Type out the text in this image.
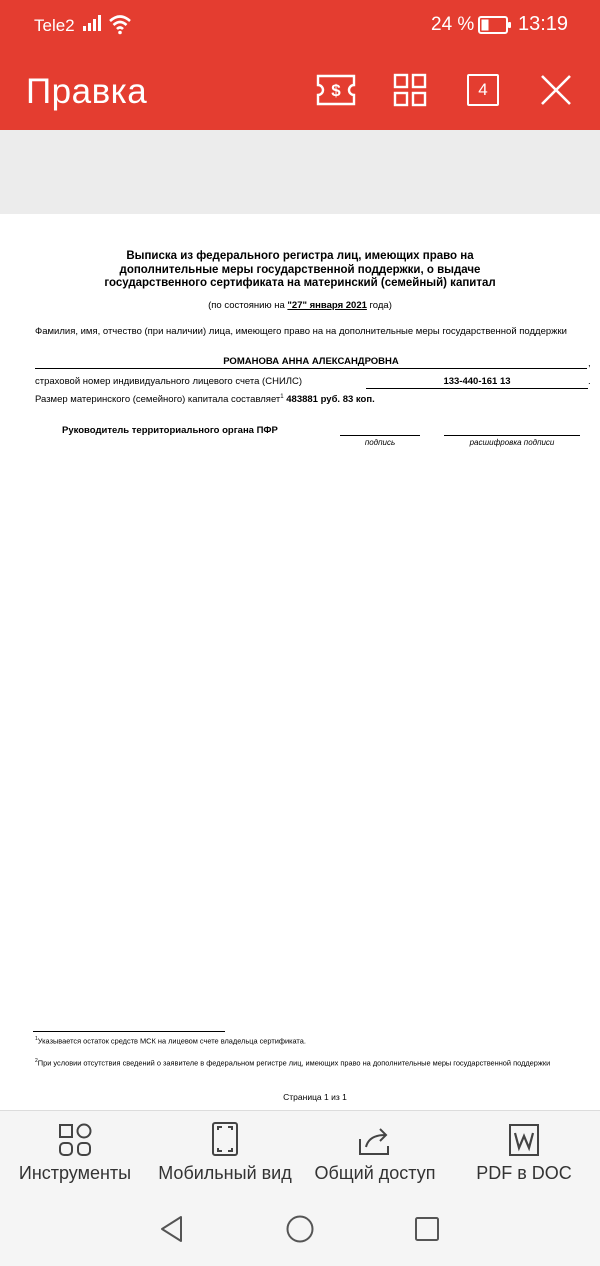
Tele2	24 % 13:19
Правка	$	4
Выписка из федерального регистра лиц, имеющих право на
дополнительные меры государственной поддержки, о выдаче
государственного сертификата на материнский (семейный) капитал
(по состоянию на "27" января 2021 года)
Фамилия, имя, отчество (при наличии) лица, имеющего право на на дополнительные меры государственной поддержки
РОМАНОВА АННА АЛЕКСАНДРОВНА	,
страховой номер индивидуального лицевого счета (СНИЛС)	133-440-161 13	.
Размер материнского (семейного) капитала составляет$^1$ 483881 руб. 83 коп.
Руководитель территориального органа ПФР
подпись	расшифровка подписи
$^1$Указывается остаток средств МСК на лицевом счете владельца сертификата.
$^2$При условии отсутствия сведений о заявителе в федеральном регистре лиц, имеющих право на дополнительные меры государственной поддержки
Страница 1 из 1
Инструменты Мобильный вид Общий доступ PDF в DOC
